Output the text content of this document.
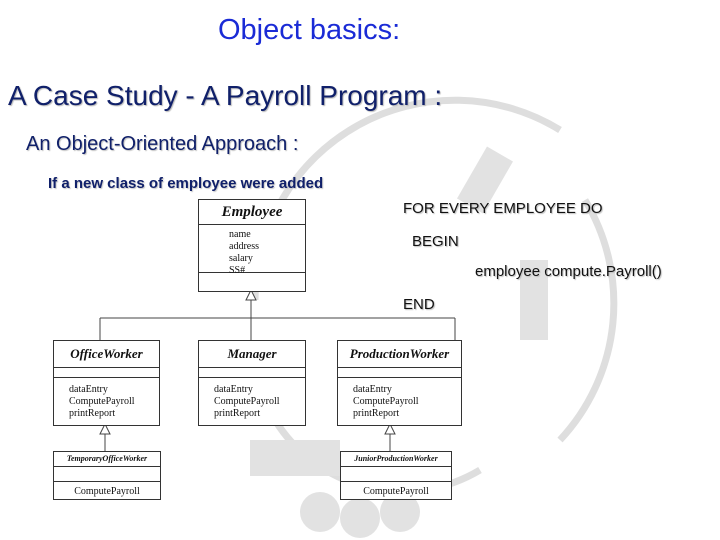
Object basics:
A Case Study - A Payroll Program :
An Object-Oriented Approach :
If a new class of employee were added
FOR EVERY EMPLOYEE DO
BEGIN
employee compute.Payroll()
END
Employee
name
address
salary
SS#
OfficeWorker
dataEntry
ComputePayroll
printReport
Manager
dataEntry
ComputePayroll
printReport
ProductionWorker
dataEntry
ComputePayroll
printReport
TemporaryOfficeWorker
ComputePayroll
JuniorProductionWorker
ComputePayroll
